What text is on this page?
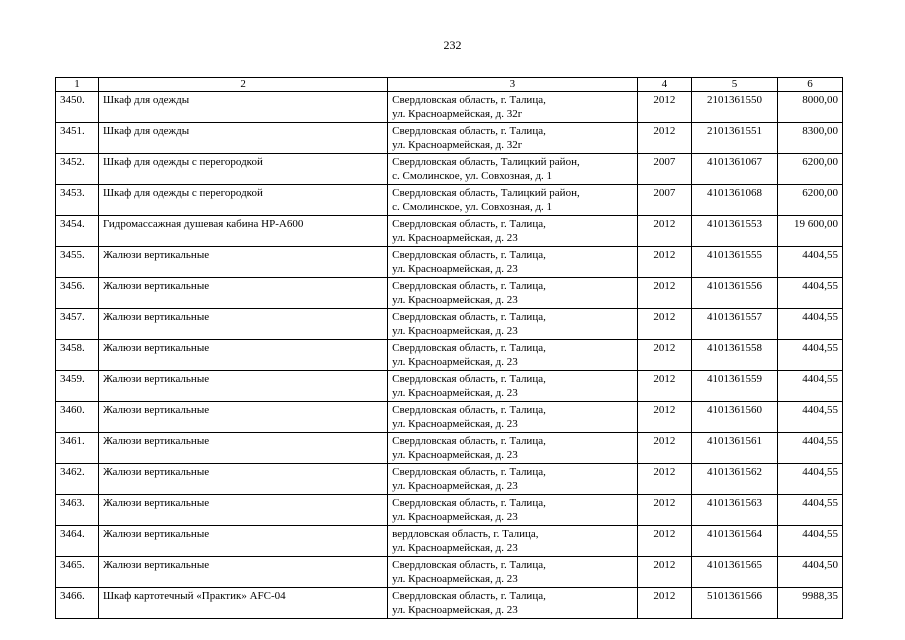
232
1	2	3	4	5	6
3450.	Шкаф для одежды	Свердловская область, г. Талица,
ул. Красноармейская, д. 32г	2012	2101361550	8000,00
3451.	Шкаф для одежды	Свердловская область, г. Талица,
ул. Красноармейская, д. 32г	2012	2101361551	8300,00
3452.	Шкаф для одежды с перегородкой	Свердловская область, Талицкий район,
с. Смолинское, ул. Совхозная, д. 1	2007	4101361067	6200,00
3453.	Шкаф для одежды с перегородкой	Свердловская область, Талицкий район,
с. Смолинское, ул. Совхозная, д. 1	2007	4101361068	6200,00
3454.	Гидромассажная душевая кабина НР-А600	Свердловская область, г. Талица,
ул. Красноармейская, д. 23	2012	4101361553	19 600,00
3455.	Жалюзи вертикальные	Свердловская область, г. Талица,
ул. Красноармейская, д. 23	2012	4101361555	4404,55
3456.	Жалюзи вертикальные	Свердловская область, г. Талица,
ул. Красноармейская, д. 23	2012	4101361556	4404,55
3457.	Жалюзи вертикальные	Свердловская область, г. Талица,
ул. Красноармейская, д. 23	2012	4101361557	4404,55
3458.	Жалюзи вертикальные	Свердловская область, г. Талица,
ул. Красноармейская, д. 23	2012	4101361558	4404,55
3459.	Жалюзи вертикальные	Свердловская область, г. Талица,
ул. Красноармейская, д. 23	2012	4101361559	4404,55
3460.	Жалюзи вертикальные	Свердловская область, г. Талица,
ул. Красноармейская, д. 23	2012	4101361560	4404,55
3461.	Жалюзи вертикальные	Свердловская область, г. Талица,
ул. Красноармейская, д. 23	2012	4101361561	4404,55
3462.	Жалюзи вертикальные	Свердловская область, г. Талица,
ул. Красноармейская, д. 23	2012	4101361562	4404,55
3463.	Жалюзи вертикальные	Свердловская область, г. Талица,
ул. Красноармейская, д. 23	2012	4101361563	4404,55
3464.	Жалюзи вертикальные	вердловская область, г. Талица,
ул. Красноармейская, д. 23	2012	4101361564	4404,55
3465.	Жалюзи вертикальные	Свердловская область, г. Талица,
ул. Красноармейская, д. 23	2012	4101361565	4404,50
3466.	Шкаф картотечный «Практик» AFC-04	Свердловская область, г. Талица,
ул. Красноармейская, д. 23	2012	5101361566	9988,35
